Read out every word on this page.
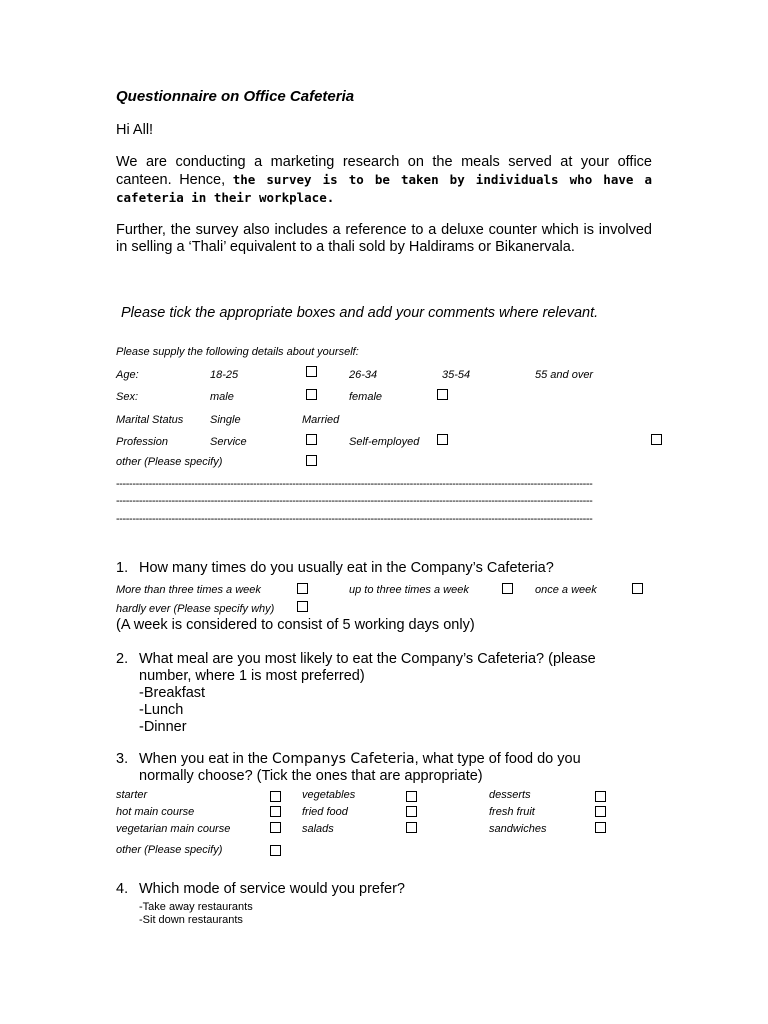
Questionnaire on Office Cafeteria
Hi All!
We are conducting a marketing research on the meals served at your office canteen. Hence, the survey is to be taken by individuals who have a cafeteria in their workplace.
Further, the survey also includes a reference to a deluxe counter which is involved in selling a ‘Thali’ equivalent to a thali sold by Haldirams or Bikanervala.
Please tick the appropriate boxes and add your comments where relevant.
Please supply the following details about yourself:
Age:	18-25	26-34	35-54	55 and over
Sex:	male	female
Marital Status Single	Married
Profession	Service	Self-employed
other (Please specify)
--------------------------------------------------------------------------------------------------------------------------------------------------
--------------------------------------------------------------------------------------------------------------------------------------------------
--------------------------------------------------------------------------------------------------------------------------------------------------
1. How many times do you usually eat in the Company’s Cafeteria?
More than three times a week	up to three times a week	once a week
hardly ever (Please specify why)
(A week is considered to consist of 5 working days only)
2. What meal are you most likely to eat the Company’s Cafeteria? (please
number, where 1 is most preferred)
-Breakfast
-Lunch
-Dinner
3. When you eat in the Companys Cafeteria, what type of food do you
normally choose? (Tick the ones that are appropriate)
starter	vegetables	desserts
hot main course	fried food	fresh fruit
vegetarian main course	salads	sandwiches
other (Please specify)
4. Which mode of service would you prefer?
-Take away restaurants
-Sit down restaurants
